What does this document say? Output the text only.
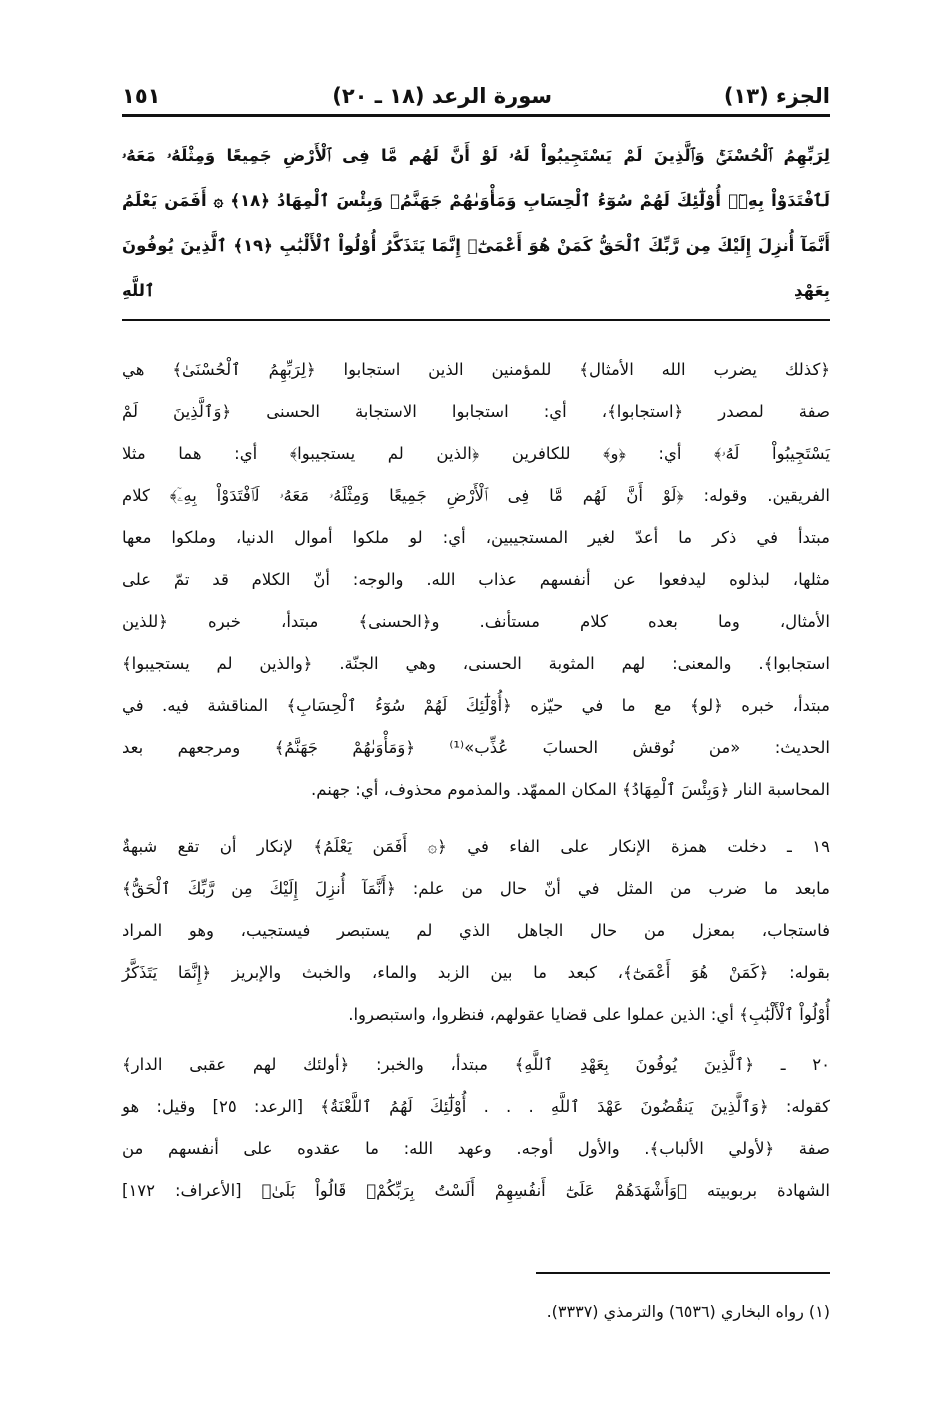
الجزء (١٣)
سورة الرعد (١٨ ـ ٢٠)
١٥١
لِرَبِّهِمُ ٱلْحُسْنَىٰۚ وَٱلَّذِينَ لَمْ يَسْتَجِيبُواْ لَهُۥ لَوْ أَنَّ لَهُم مَّا فِى ٱلْأَرْضِ جَمِيعًا وَمِثْلَهُۥ مَعَهُۥ
لَٱفْتَدَوْاْ بِهِۦٓۚ أُوْلَٰٓئِكَ لَهُمْ سُوٓءُ ٱلْحِسَابِ وَمَأْوَىٰهُمْ جَهَنَّمُۖ وَبِئْسَ ٱلْمِهَادُ ﴿١٨﴾ ۞ أَفَمَن يَعْلَمُ
أَنَّمَآ أُنزِلَ إِلَيْكَ مِن رَّبِّكَ ٱلْحَقُّ كَمَنْ هُوَ أَعْمَىٰٓۚ إِنَّمَا يَتَذَكَّرُ أُوْلُواْ ٱلْأَلْبَٰبِ ﴿١٩﴾ ٱلَّذِينَ يُوفُونَ بِعَهْدِ ٱللَّهِ
﴿كذلك يضرب الله الأمثال﴾ للمؤمنين الذين استجابوا ﴿لِرَبِّهِمُ ٱلْحُسْنَىٰ﴾ هي
صفة لمصدر ﴿استجابوا﴾، أي: استجابوا الاستجابة الحسنى ﴿وَٱلَّذِينَ لَمْ
يَسْتَجِيبُواْ لَهُۥ﴾ أي: ﴿و﴾ للكافرين ﴿الذين لم يستجيبوا﴾ أي: هما مثلا
الفريقين. وقوله: ﴿لَوْ أَنَّ لَهُم مَّا فِى ٱلْأَرْضِ جَمِيعًا وَمِثْلَهُۥ مَعَهُۥ لَٱفْتَدَوْاْ بِهِۦٓ﴾ كلام
مبتدأ في ذكر ما أعدّ لغير المستجيبين، أي: لو ملكوا أموال الدنيا، وملكوا معها
مثلها، لبذلوه ليدفعوا عن أنفسهم عذاب الله. والوجه: أنّ الكلام قد تمّ على
الأمثال، وما بعده كلام مستأنف. و﴿الحسنى﴾ مبتدأ، خبره ﴿للذين
استجابوا﴾. والمعنى: لهم المثوبة الحسنى، وهي الجنّة. ﴿والذين لم يستجيبوا﴾
مبتدأ، خبره ﴿لو﴾ مع ما في حيّزه ﴿أُوْلَٰٓئِكَ لَهُمْ سُوٓءُ ٱلْحِسَابِ﴾ المناقشة فيه. في
الحديث: «من نُوقش الحسابَ عُذِّب»⁽¹⁾ ﴿وَمَأْوَىٰهُمْ جَهَنَّمُ﴾ ومرجعهم بعد
المحاسبة النار ﴿وَبِئْسَ ٱلْمِهَادُ﴾ المكان الممهّد. والمذموم محذوف، أي: جهنم.
١٩ ـ دخلت همزة الإنكار على الفاء في ﴿۞ أَفَمَن يَعْلَمُ﴾ لإنكار أن تقع شبهةٌ
مابعد ما ضرب من المثل في أنّ حال من علم: ﴿أَنَّمَآ أُنزِلَ إِلَيْكَ مِن رَّبِّكَ ٱلْحَقُّ﴾
فاستجاب، بمعزل من حال الجاهل الذي لم يستبصر فيستجيب، وهو المراد
بقوله: ﴿كَمَنْ هُوَ أَعْمَىٰٓ﴾، كبعد ما بين الزبد والماء، والخبث والإبريز ﴿إِنَّمَا يَتَذَكَّرُ
أُوْلُواْ ٱلْأَلْبَٰبِ﴾ أي: الذين عملوا على قضايا عقولهم، فنظروا، واستبصروا.
٢٠ ـ ﴿ٱلَّذِينَ يُوفُونَ بِعَهْدِ ٱللَّهِ﴾ مبتدأ، والخبر: ﴿أولئك لهم عقبى الدار﴾
كقوله: ﴿وَٱلَّذِينَ يَنقُضُونَ عَهْدَ ٱللَّهِ . . . أُوْلَٰٓئِكَ لَهُمُ ٱللَّعْنَةُ﴾ [الرعد: ٢٥] وقيل: هو
صفة ﴿لأولي الألباب﴾. والأول أوجه. وعهد الله: ما عقدوه على أنفسهم من
الشهادة بربوبيته ﴿وَأَشْهَدَهُمْ عَلَىٰٓ أَنفُسِهِمْ أَلَسْتُ بِرَبِّكُمْۖ قَالُواْ بَلَىٰ﴾ [الأعراف: ١٧٢]
(١) رواه البخاري (٦٥٣٦) والترمذي (٣٣٣٧).
